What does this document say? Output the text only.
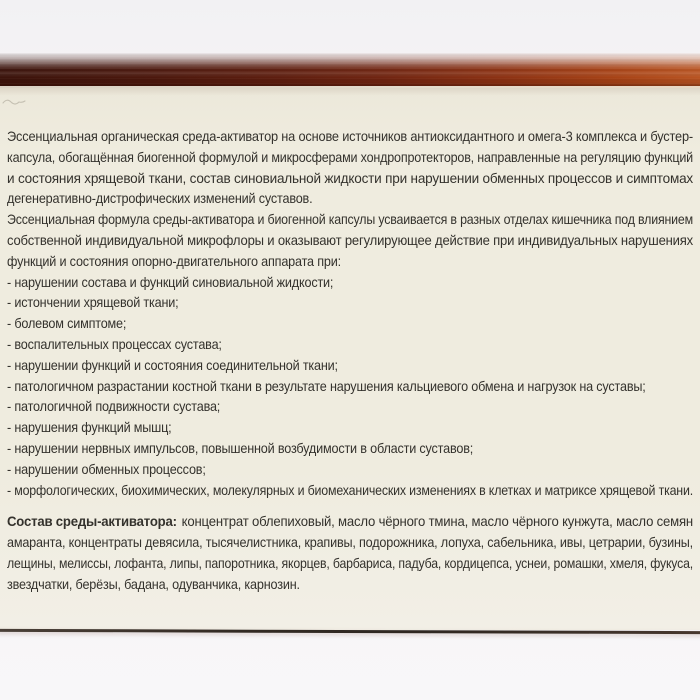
Эссенциальная органическая среда-активатор на основе источников антиоксидантного и омега-3 комплекса и бустер-
капсула, обогащённая биогенной формулой и микросферами хондропротекторов, направленные на регуляцию функций
и состояния хрящевой ткани, состав синовиальной жидкости при нарушении обменных процессов и симптомах
дегенеративно-дистрофических изменений суставов.
Эссенциальная формула среды-активатора и биогенной капсулы усваивается в разных отделах кишечника под влиянием
собственной индивидуальной микрофлоры и оказывают регулирующее действие при индивидуальных нарушениях
функций и состояния опорно-двигательного аппарата при:
- нарушении состава и функций синовиальной жидкости;
- истончении хрящевой ткани;
- болевом симптоме;
- воспалительных процессах сустава;
- нарушении функций и состояния соединительной ткани;
- патологичном разрастании костной ткани в результате нарушения кальциевого обмена и нагрузок на суставы;
- патологичной подвижности сустава;
- нарушения функций мышц;
- нарушении нервных импульсов, повышенной возбудимости в области суставов;
- нарушении обменных процессов;
- морфологических, биохимических, молекулярных и биомеханических изменениях в клетках и матриксе хрящевой ткани.
Состав среды-активатора: концентрат облепиховый, масло чёрного тмина, масло чёрного кунжута, масло семян
амаранта, концентраты девясила, тысячелистника, крапивы, подорожника, лопуха, сабельника, ивы, цетрарии, бузины,
лещины, мелиссы, лофанта, липы, папоротника, якорцев, барбариса, падуба, кордицепса, уснеи, ромашки, хмеля, фукуса,
звездчатки, берёзы, бадана, одуванчика, карнозин.
